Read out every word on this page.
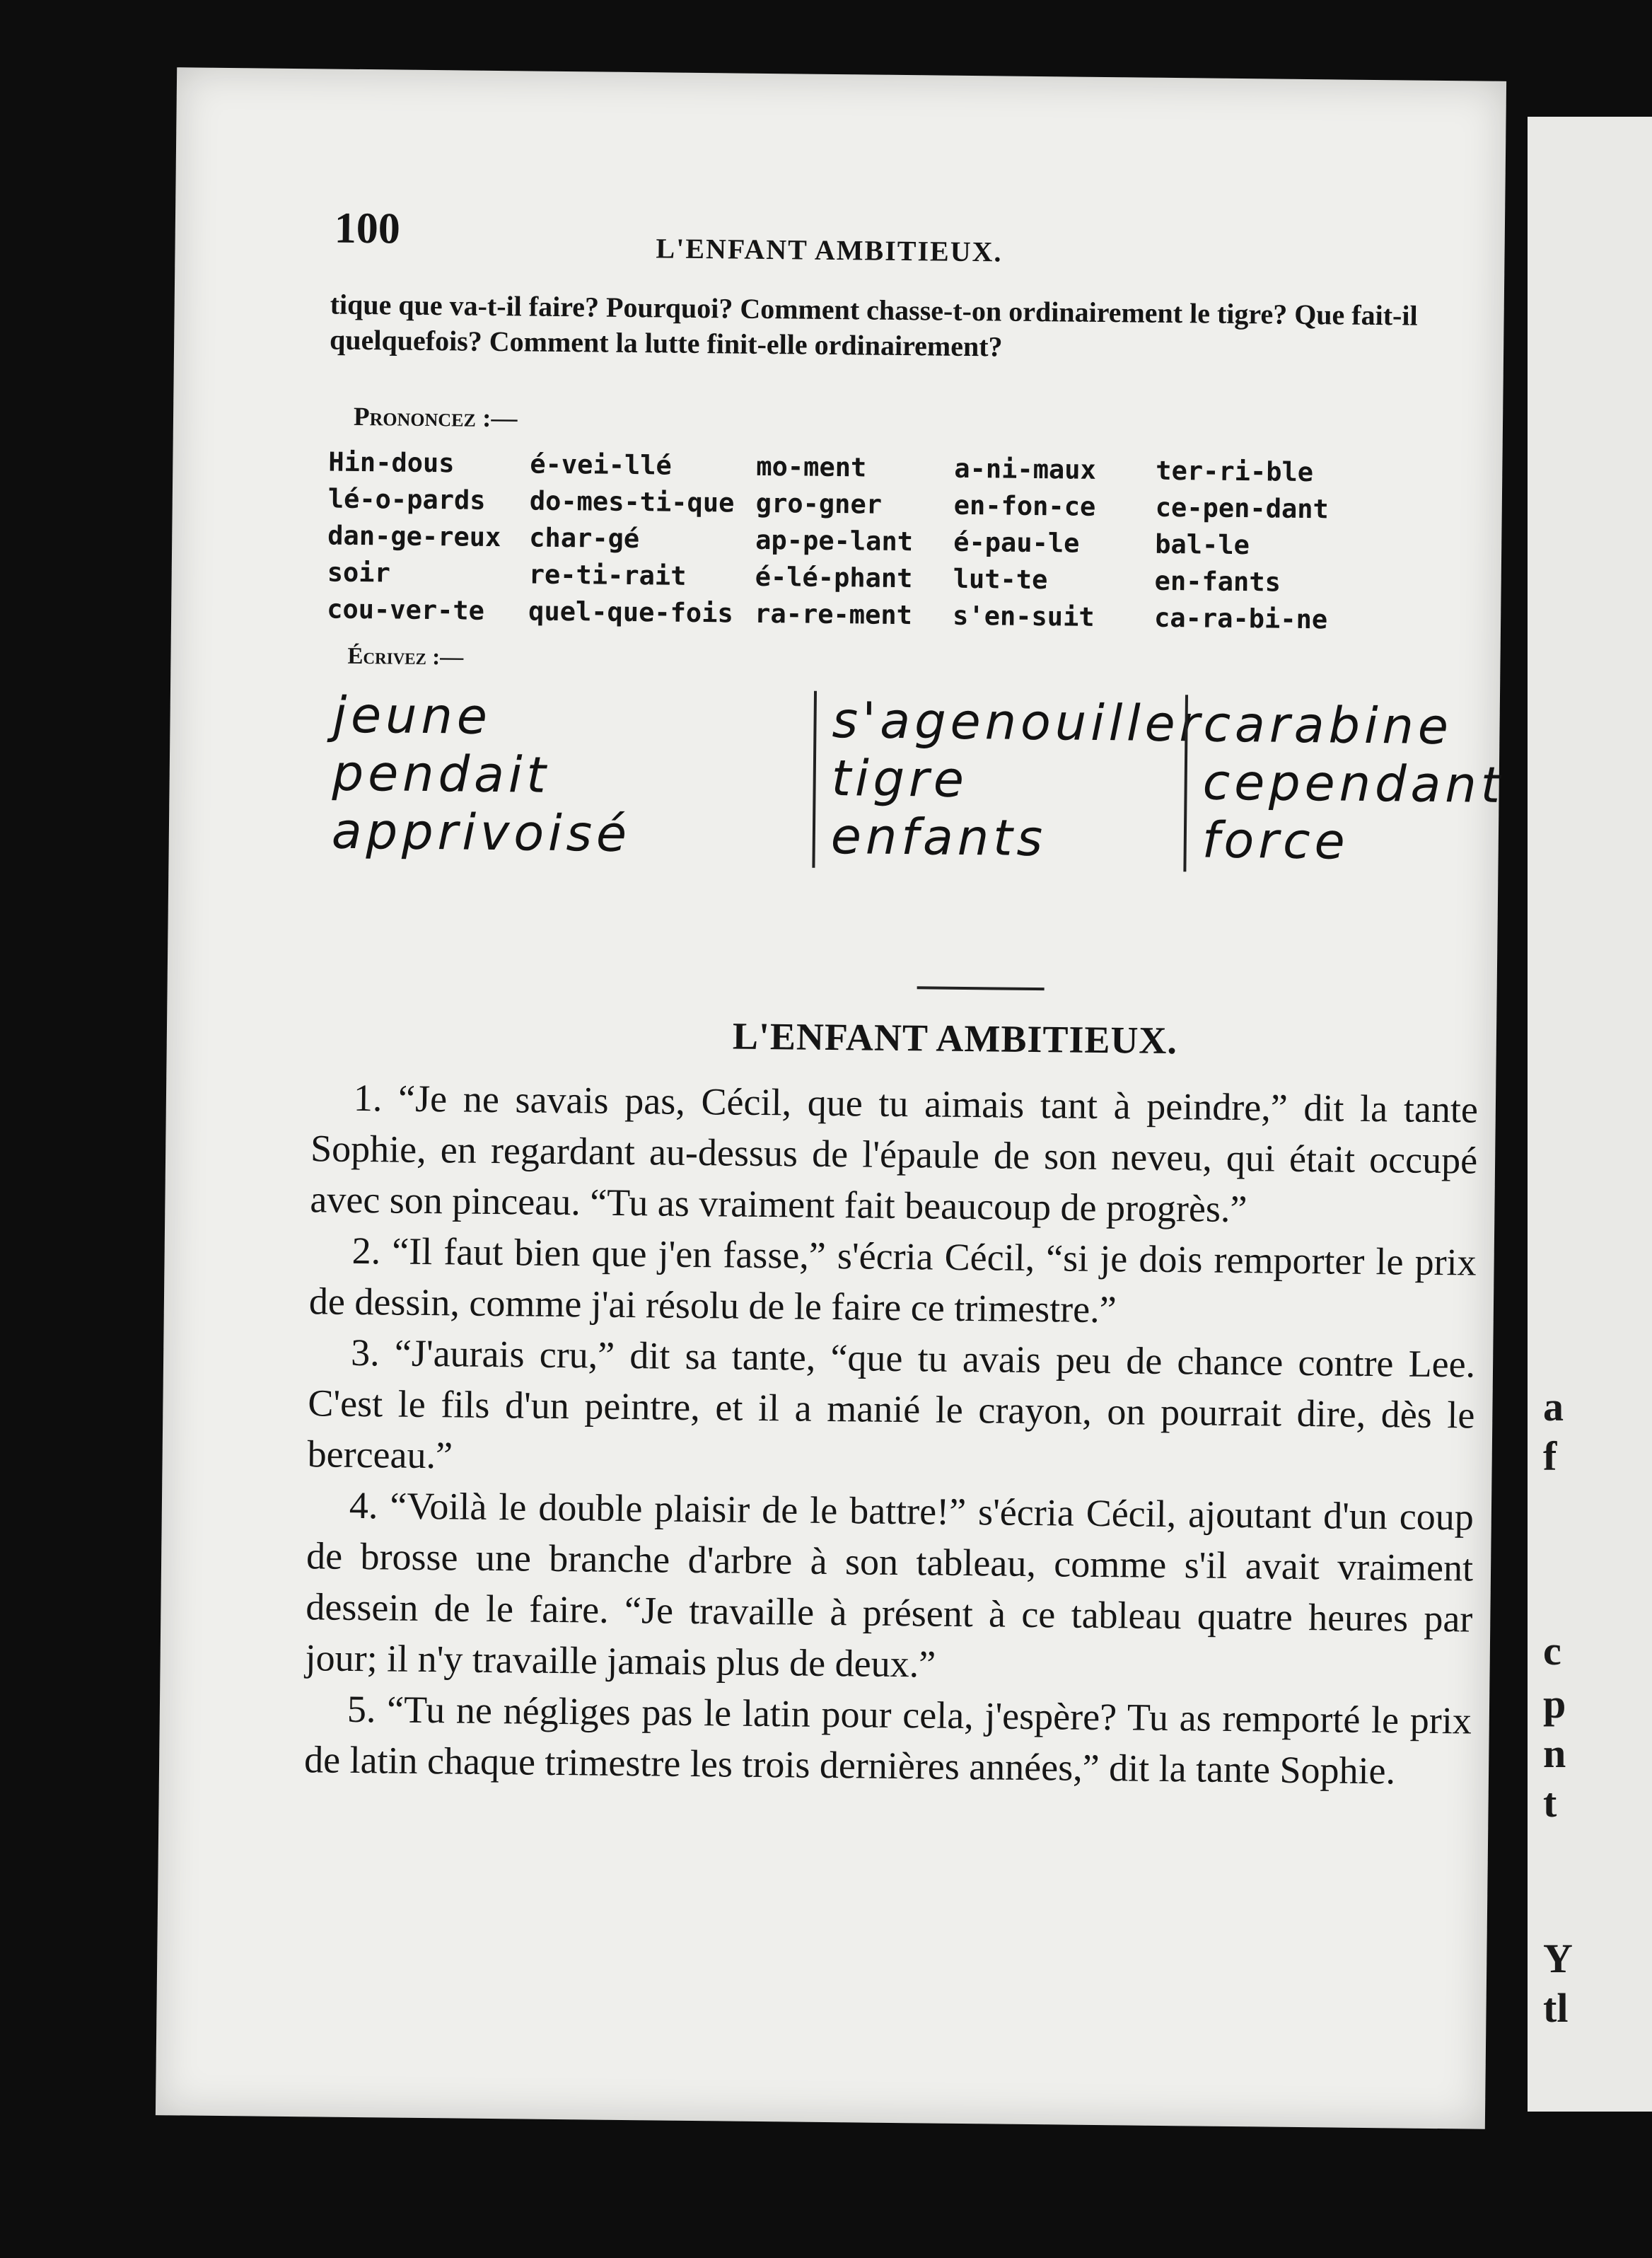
a
f
c
p
n
t
Y
tl
100	L'ENFANT AMBITIEUX.
tique que va-t-il faire? Pourquoi? Comment chasse-t-on ordinairement le tigre? Que fait-il quelquefois? Comment la lutte finit-elle ordinairement?
Prononcez :—
Hin-dous
lé-o-pards
dan-ge-reux
soir
cou-ver-te
é-vei-llé
do-mes-ti-que
char-gé
re-ti-rait
quel-que-fois
mo-ment
gro-gner
ap-pe-lant
é-lé-phant
ra-re-ment
a-ni-maux
en-fon-ce
é-pau-le
lut-te
s'en-suit
ter-ri-ble
ce-pen-dant
bal-le
en-fants
ca-ra-bi-ne
Écrivez :—
jeune
pendait
apprivoisé
s'agenouiller
tigre
enfants
carabine
cependant
force
L'ENFANT AMBITIEUX.

1. “Je ne savais pas, Cécil, que tu aimais tant à peindre,” dit la tante Sophie, en regardant au-dessus de l'épaule de son neveu, qui était occupé avec son pinceau. “Tu as vraiment fait beaucoup de progrès.”

2. “Il faut bien que j'en fasse,” s'écria Cécil, “si je dois remporter le prix de dessin, comme j'ai résolu de le faire ce trimestre.”

3. “J'aurais cru,” dit sa tante, “que tu avais peu de chance contre Lee. C'est le fils d'un peintre, et il a manié le crayon, on pourrait dire, dès le berceau.”

4. “Voilà le double plaisir de le battre!” s'écria Cécil, ajoutant d'un coup de brosse une branche d'arbre à son tableau, comme s'il avait vraiment dessein de le faire. “Je travaille à présent à ce tableau quatre heures par jour; il n'y travaille jamais plus de deux.”

5. “Tu ne négliges pas le latin pour cela, j'espère? Tu as remporté le prix de latin chaque trimestre les trois dernières années,” dit la tante Sophie.
